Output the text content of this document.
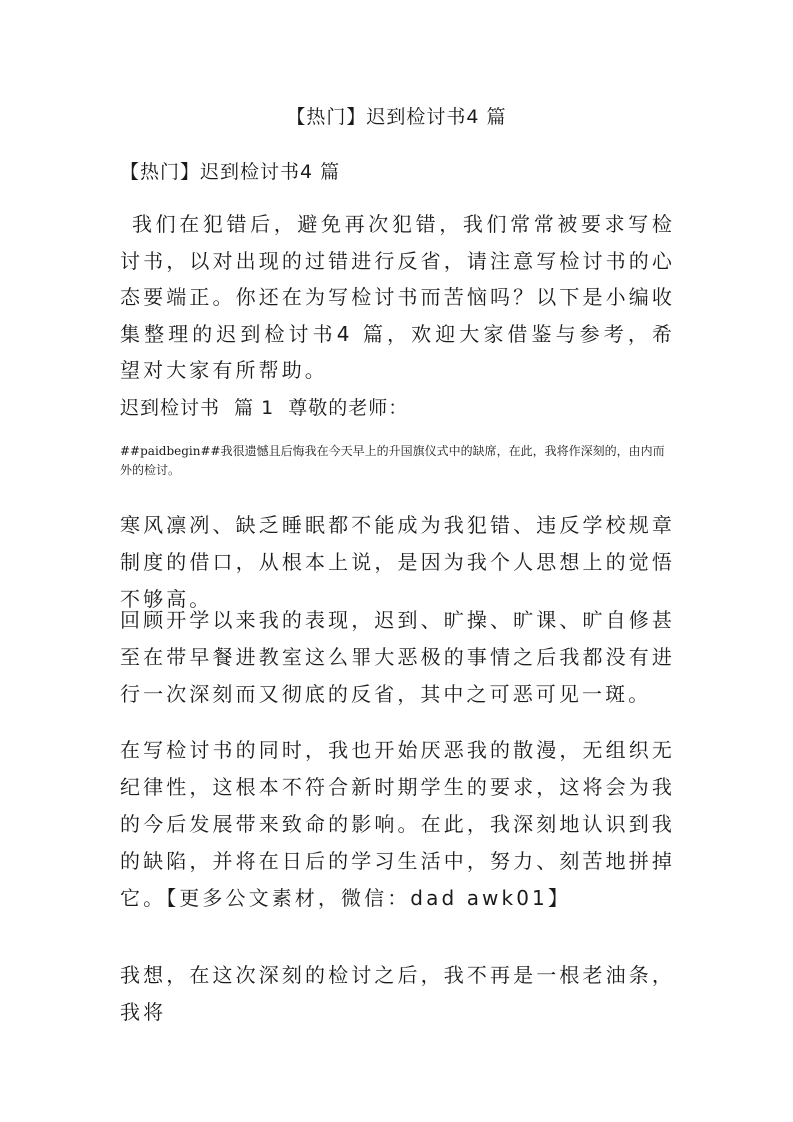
【热门】迟到检讨书4 篇
【热门】迟到检讨书4 篇

我们在犯错后，避免再次犯错，我们常常被要求写检讨书，以对出现的过错进行反省，请注意写检讨书的心态要端正。你还在为写检讨书而苦恼吗？以下是小编收集整理的迟到检讨书4 篇，欢迎大家借鉴与参考，希望对大家有所帮助。

迟到检讨书  篇 1  尊敬的老师：

##paidbegin##我很遗憾且后悔我在今天早上的升国旗仪式中的缺席，在此，我将作深刻的，由内而外的检讨。

寒风凛冽、缺乏睡眠都不能成为我犯错、违反学校规章制度的借口，从根本上说，是因为我个人思想上的觉悟不够高。

回顾开学以来我的表现，迟到、旷操、旷课、旷自修甚至在带早餐进教室这么罪大恶极的事情之后我都没有进行一次深刻而又彻底的反省，其中之可恶可见一斑。

在写检讨书的同时，我也开始厌恶我的散漫，无组织无纪律性，这根本不符合新时期学生的要求，这将会为我的今后发展带来致命的影响。在此，我深刻地认识到我的缺陷，并将在日后的学习生活中，努力、刻苦地拼掉它。【更多公文素材，微信：dad awk01】

我想，在这次深刻的检讨之后，我不再是一根老油条，我将
